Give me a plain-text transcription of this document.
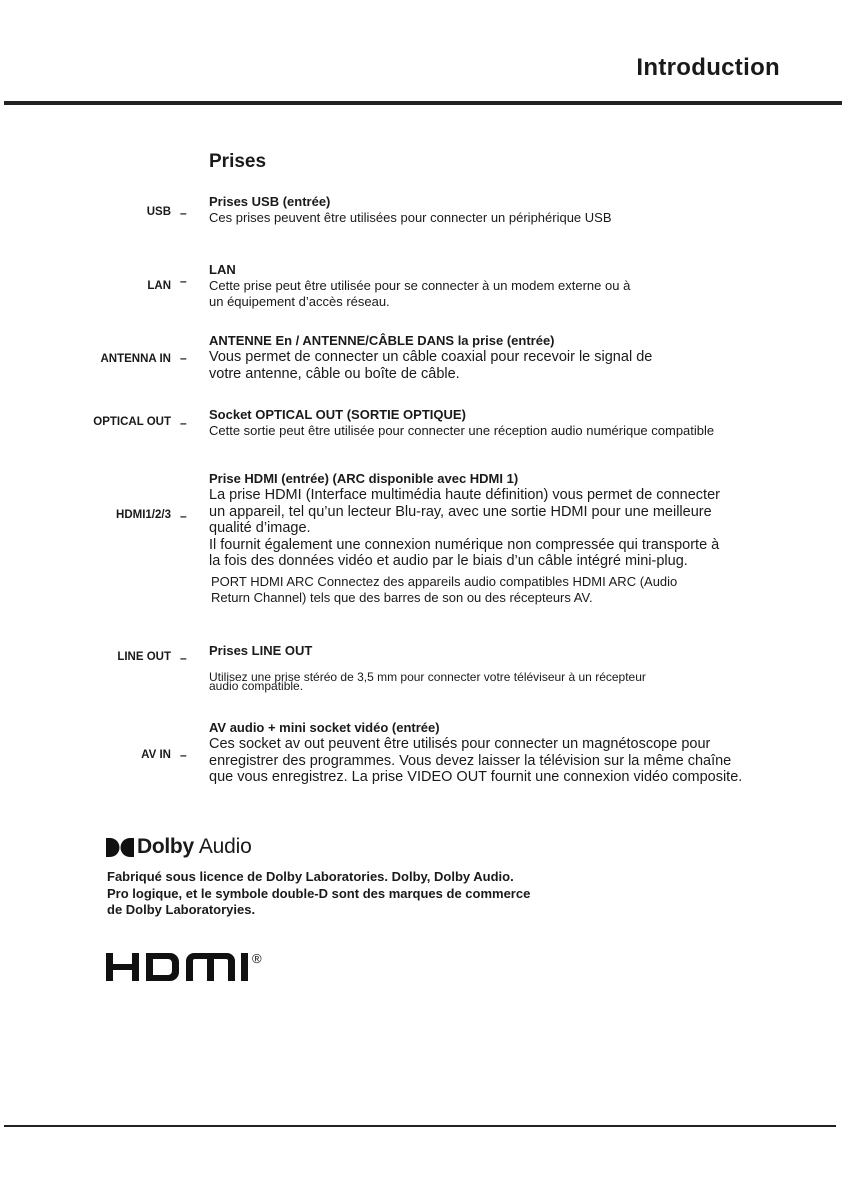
Introduction
Prises
USB –
Prises USB (entrée)
Ces prises peuvent être utilisées pour connecter un périphérique USB
LAN –
LAN
Cette prise peut être utilisée pour se connecter à un modem externe ou à
un équipement d’accès réseau.
ANTENNA IN –
ANTENNE En / ANTENNE/CÂBLE DANS la prise (entrée)
Vous permet de connecter un câble coaxial pour recevoir le signal de
votre antenne, câble ou boîte de câble.
OPTICAL OUT –
Socket OPTICAL OUT (SORTIE OPTIQUE)
Cette sortie peut être utilisée pour connecter une réception audio numérique compatible
HDMI1/2/3 –
Prise HDMI (entrée) (ARC disponible avec HDMI 1)
La prise HDMI (Interface multimédia haute définition) vous permet de connecter
un appareil, tel qu’un lecteur Blu-ray, avec une sortie HDMI pour une meilleure
qualité d’image.
Il fournit également une connexion numérique non compressée qui transporte à
la fois des données vidéo et audio par le biais d’un câble intégré mini-plug.
PORT HDMI ARC Connectez des appareils audio compatibles HDMI ARC (Audio
Return Channel) tels que des barres de son ou des récepteurs AV.
LINE OUT – Prises LINE OUT
Utilisez une prise stéréo de 3,5 mm pour connecter votre téléviseur à un récepteur
audio compatible.
AV IN –
AV audio + mini socket vidéo (entrée)
Ces socket av out peuvent être utilisés pour connecter un magnétoscope pour
enregistrer des programmes. Vous devez laisser la télévision sur la même chaîne
que vous enregistrez. La prise VIDEO OUT fournit une connexion vidéo composite.
Dolby Audio
Fabriqué sous licence de Dolby Laboratories. Dolby, Dolby Audio.
Pro logique, et le symbole double-D sont des marques de commerce
de Dolby Laboratoryies.
®
